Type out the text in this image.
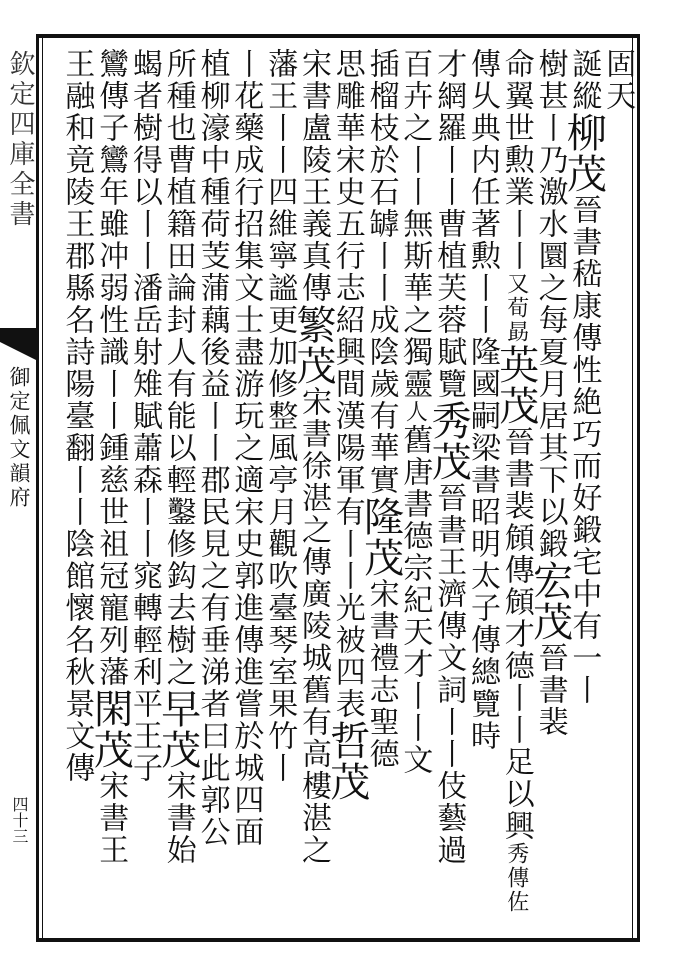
欽定四庫全書
御定佩文韻府
四十三
固天
誕縱柳茂晉書嵇康傳性絶巧而好鍛宅中有一丨
樹甚丨乃激水圜之每夏月居其下以鍛宏茂晉書裴
命翼世勲業丨丨又荀勗英茂晉書裴頠傳頠才德丨丨足以興秀傳佐
傳乆典内任著勲丨丨隆國嗣梁書昭明太子傳總覽時
才網羅丨丨曹植芙蓉賦覽秀茂晉書王濟傳文詞丨丨伎藝過
百卉之丨丨無斯華之獨靈人舊唐書德宗紀天才丨丨文
插榴枝於石罅丨丨成陰歲有華實隆茂宋書禮志聖德
思雕華宋史五行志紹興間漢陽軍有丨丨光被四表哲茂
宋書盧陵王義真傳繁茂宋書徐湛之傳廣陵城舊有高樓湛之
藩王丨丨四維寧謐更加修整風亭月觀吹臺琴室果竹丨
丨花藥成行招集文士盡游玩之適宋史郭進傳進嘗於城四面
植柳濠中種荷芰蒲藕後益丨丨郡民見之有垂涕者曰此郭公
所種也曹植籍田論封人有能以輕鑿修鈎去樹之早茂宋書始
蝎者樹得以丨丨潘岳射雉賦蕭森丨丨窕轉輕利平王子
鸞傳子鸞年雖冲弱性識丨丨鍾慈世祖冠寵列藩閑茂宋書王
王融和竟陵王郡縣名詩陽臺翻丨丨陰館懷名秋景文傳
